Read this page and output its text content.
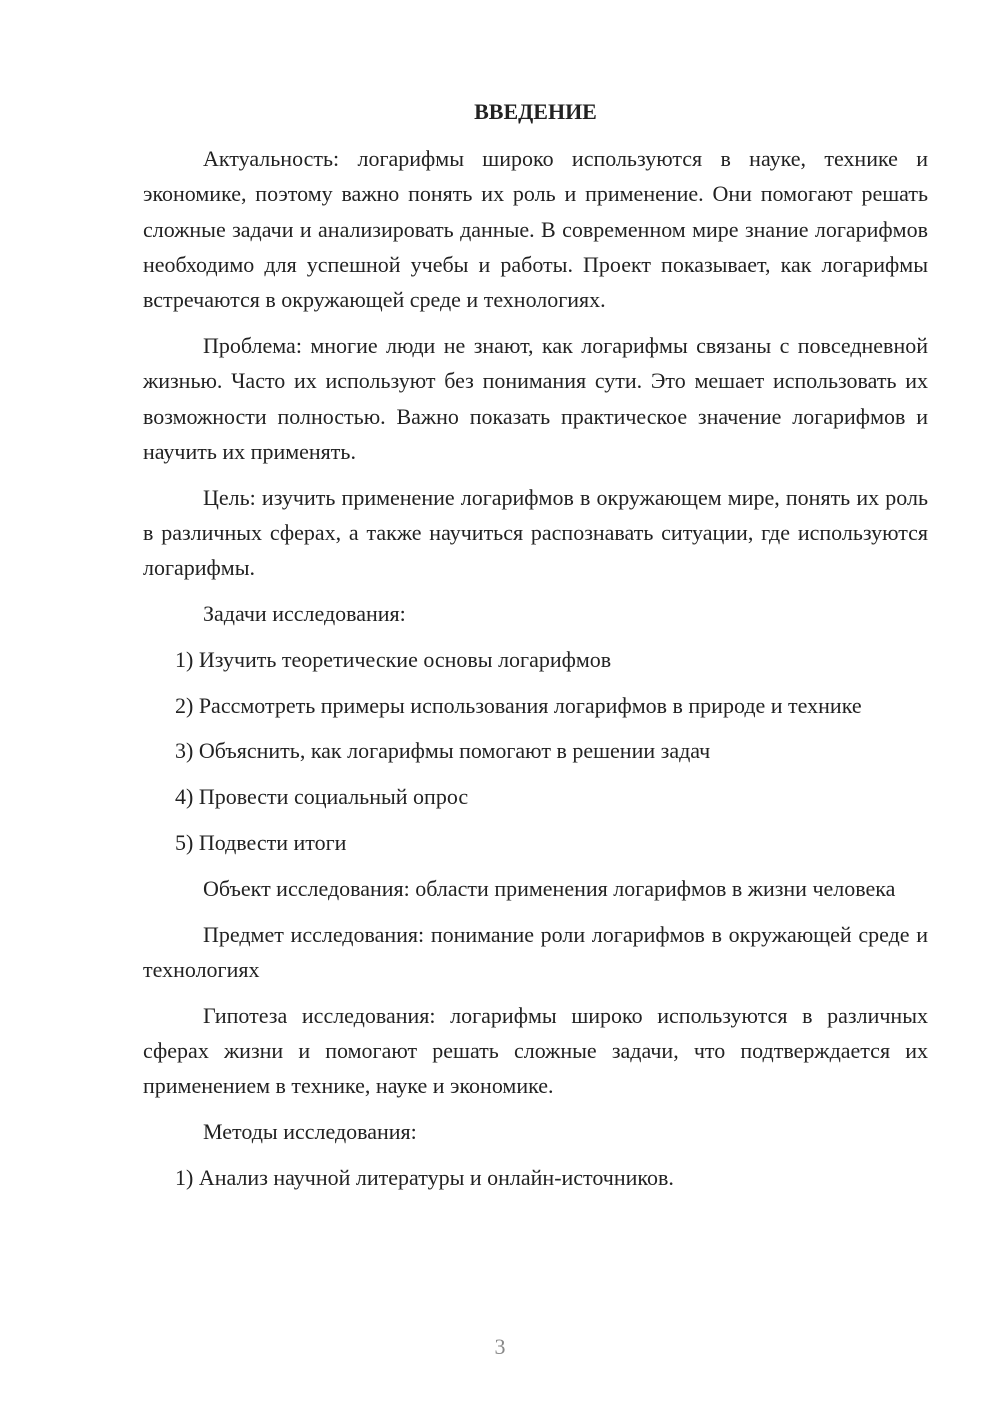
ВВЕДЕНИЕ

Актуальность: логарифмы широко используются в науке, технике и экономике, поэтому важно понять их роль и применение. Они помогают решать сложные задачи и анализировать данные. В современном мире знание логарифмов необходимо для успешной учебы и работы. Проект показывает, как логарифмы встречаются в окружающей среде и технологиях.

Проблема: многие люди не знают, как логарифмы связаны с повседневной жизнью. Часто их используют без понимания сути. Это мешает использовать их возможности полностью. Важно показать практическое значение логарифмов и научить их применять.

Цель: изучить применение логарифмов в окружающем мире, понять их роль в различных сферах, а также научиться распознавать ситуации, где используются логарифмы.

Задачи исследования:

1) Изучить теоретические основы логарифмов

2) Рассмотреть примеры использования логарифмов в природе и технике

3) Объяснить, как логарифмы помогают в решении задач

4) Провести социальный опрос

5) Подвести итоги

Объект исследования: области применения логарифмов в жизни человека

Предмет исследования: понимание роли логарифмов в окружающей среде и технологиях

Гипотеза исследования: логарифмы широко используются в различных сферах жизни и помогают решать сложные задачи, что подтверждается их применением в технике, науке и экономике.

Методы исследования:

1) Анализ научной литературы и онлайн-источников.

3
